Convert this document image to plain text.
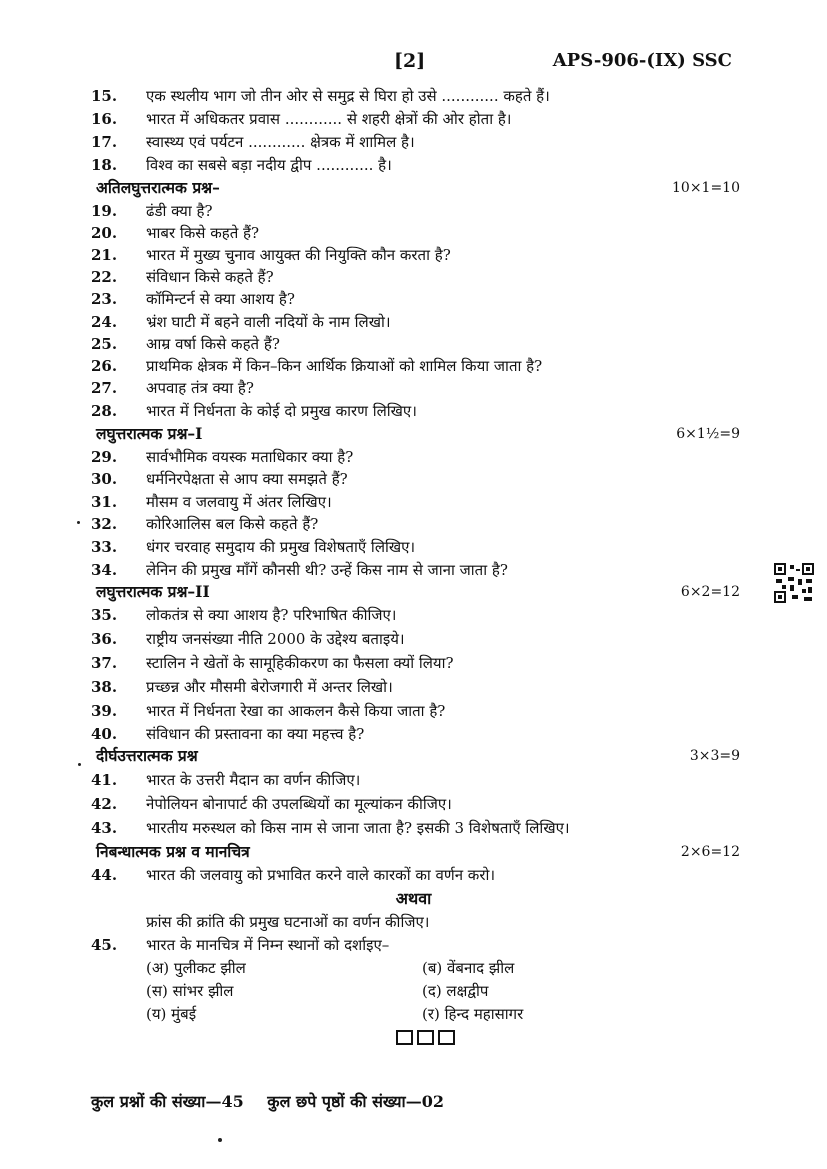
[2]	APS-906-(IX) SSC
15.	एक स्थलीय भाग जो तीन ओर से समुद्र से घिरा हो उसे ............ कहते हैं।
16.	भारत में अधिकतर प्रवास ............ से शहरी क्षेत्रों की ओर होता है।
17.	स्वास्थ्य एवं पर्यटन ............ क्षेत्रक में शामिल है।
18.	विश्व का सबसे बड़ा नदीय द्वीप ............ है।
अतिलघुत्तरात्मक प्रश्न–	10×1=10
19.	ढंडी क्या है?
20.	भाबर किसे कहते हैं?
21.	भारत में मुख्य चुनाव आयुक्त की नियुक्ति कौन करता है?
22.	संविधान किसे कहते हैं?
23.	कॉमिन्टर्न से क्या आशय है?
24.	भ्रंश घाटी में बहने वाली नदियों के नाम लिखो।
25.	आम्र वर्षा किसे कहते हैं?
26.	प्राथमिक क्षेत्रक में किन–किन आर्थिक क्रियाओं को शामिल किया जाता है?
27.	अपवाह तंत्र क्या है?
28.	भारत में निर्धनता के कोई दो प्रमुख कारण लिखिए।
लघुत्तरात्मक प्रश्न–I	6×1½=9
29.	सार्वभौमिक वयस्क मताधिकार क्या है?
30.	धर्मनिरपेक्षता से आप क्या समझते हैं?
31.	मौसम व जलवायु में अंतर लिखिए।
32.	कोरिआलिस बल किसे कहते हैं?
33.	धंगर चरवाह समुदाय की प्रमुख विशेषताएँ लिखिए।
34.	लेनिन की प्रमुख माँगें कौनसी थी? उन्हें किस नाम से जाना जाता है?
लघुत्तरात्मक प्रश्न–II	6×2=12
35.	लोकतंत्र से क्या आशय है? परिभाषित कीजिए।
36.	राष्ट्रीय जनसंख्या नीति 2000 के उद्देश्य बताइये।
37.	स्टालिन ने खेतों के सामूहिकीकरण का फैसला क्यों लिया?
38.	प्रच्छन्न और मौसमी बेरोजगारी में अन्तर लिखो।
39.	भारत में निर्धनता रेखा का आकलन कैसे किया जाता है?
40.	संविधान की प्रस्तावना का क्या महत्त्व है?
दीर्घउत्तरात्मक प्रश्न	3×3=9
41.	भारत के उत्तरी मैदान का वर्णन कीजिए।
42.	नेपोलियन बोनापार्ट की उपलब्धियों का मूल्यांकन कीजिए।
43.	भारतीय मरुस्थल को किस नाम से जाना जाता है? इसकी 3 विशेषताएँ लिखिए।
निबन्धात्मक प्रश्न व मानचित्र	2×6=12
44.	भारत की जलवायु को प्रभावित करने वाले कारकों का वर्णन करो।
अथवा
फ्रांस की क्रांति की प्रमुख घटनाओं का वर्णन कीजिए।
45.	भारत के मानचित्र में निम्न स्थानों को दर्शाइए–
(अ) पुलीकट झील	(ब) वेंबनाद झील
(स) सांभर झील	(द) लक्षद्वीप
(य) मुंबई	(र) हिन्द महासागर
कुल प्रश्नों की संख्या—45 कुल छपे पृष्ठों की संख्या—02
